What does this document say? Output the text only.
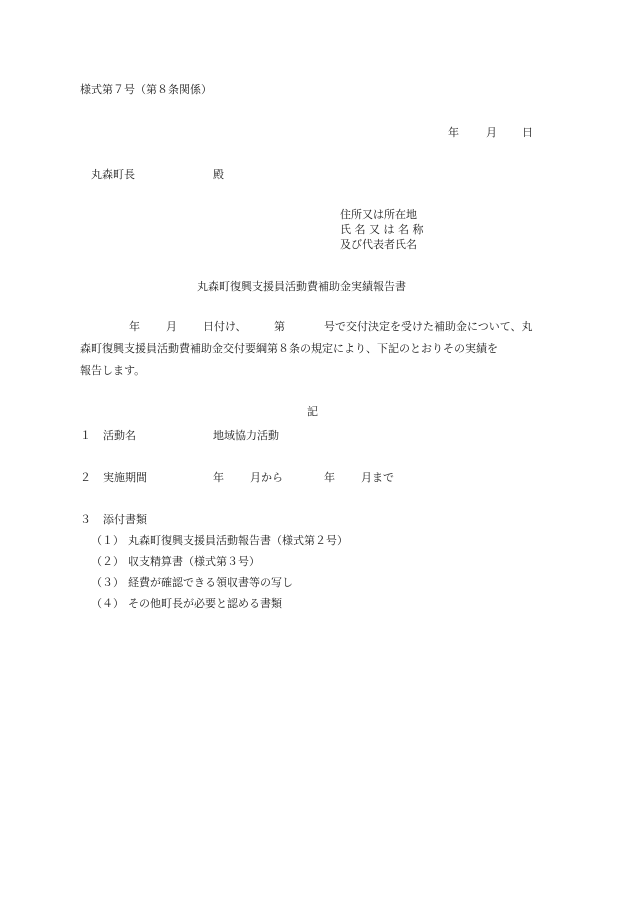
様式第７号（第８条関係）
年 月 日
丸森町長	殿
住所又は所在地
氏 名 又 は 名 称
及び代表者氏名
丸森町復興支援員活動費補助金実績報告書
年 月 日付け、 第	号で交付決定を受けた補助金について、丸
森町復興支援員活動費補助金交付要綱第８条の規定により、下記のとおりその実績を
報告します。
記
１ 活動名	地域協力活動
２ 実施期間	年 月から	年 月まで
３ 添付書類
（１） 丸森町復興支援員活動報告書（様式第２号）
（２） 収支精算書（様式第３号）
（３） 経費が確認できる領収書等の写し
（４） その他町長が必要と認める書類
